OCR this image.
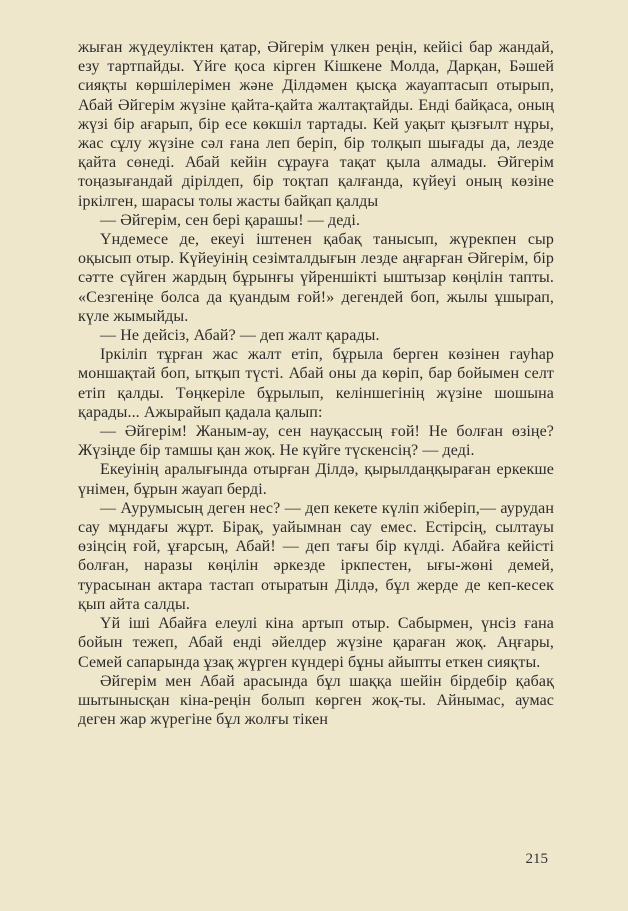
жыған жүдеуліктен қатар, Әйгерім үлкен реңін, кейісі бар жандай, езу тартпайды. Үйге қоса кірген Кішкене Молда, Дарқан, Бәшей сияқты көршілерімен және Ділдәмен қысқа жауаптасып отырып, Абай Әйгерім жүзіне қайта-қайта жалтақтайды. Енді байқаса, оның жүзі бір ағарып, бір есе көкшіл тартады. Кей уақыт қызғылт нұры, жас сұлу жүзіне сәл ғана леп беріп, бір толқып шығады да, лезде қайта сөнеді. Абай кейін сұрауға тақат қыла алмады. Әйгерім тоңазығандай дірілдеп, бір тоқтап қалғанда, күйеуі оның көзіне іркілген, шарасы толы жасты байқап қалды

— Әйгерім, сен бері қарашы! — деді.

Үндемесе де, екеуі іштенен қабақ танысып, жүрекпен сыр оқысып отыр. Күйеуінің сезімталдығын лезде аңғарған Әйгерім, бір сәтте сүйген жардың бұрынғы үйреншікті ыштызар көңілін тапты. «Сезгеніңе болса да қуандым ғой!» дегендей боп, жылы ұшырап, күле жымыйды.

— Не дейсіз, Абай? — деп жалт қарады.

Іркіліп тұрған жас жалт етіп, бұрыла берген көзінен гауһар моншақтай боп, ытқып түсті. Абай оны да көріп, бар бойымен селт етіп қалды. Төңкеріле бұрылып, келіншегінің жүзіне шошына қарады... Ажырайып қадала қалып:

— Әйгерім! Жаным-ау, сен науқассың ғой! Не болған өзіңе? Жүзіңде бір тамшы қан жоқ. Не күйге түскенсің? — деді.

Екеуінің аралығында отырған Ділдә, қырылдаңқыраған еркекше үнімен, бұрын жауап берді.

— Аурумысың деген нес? — деп кекете күліп жіберіп,— аурудан сау мұндағы жұрт. Бірақ, уайымнан сау емес. Естірсің, сылтауы өзіңсің ғой, ұғарсың, Абай! — деп тағы бір күлді. Абайға кейісті болған, наразы көңілін әркезде іркпестен, ығы-жөні демей, турасынан актара тастап отыратын Ділдә, бұл жерде де кеп-кесек қып айта салды.

Үй іші Абайға елеулі кіна артып отыр. Сабырмен, үнсіз ғана бойын тежеп, Абай енді әйелдер жүзіне қараған жоқ. Аңғары, Семей сапарында ұзақ жүрген күндері бұны айыпты еткен сияқты.

Әйгерім мен Абай арасында бұл шаққа шейін бірдебір қабақ шытынысқан кіна-реңін болып көрген жоқ-ты. Айнымас, аумас деген жар жүрегіне бұл жолғы тікен

215
